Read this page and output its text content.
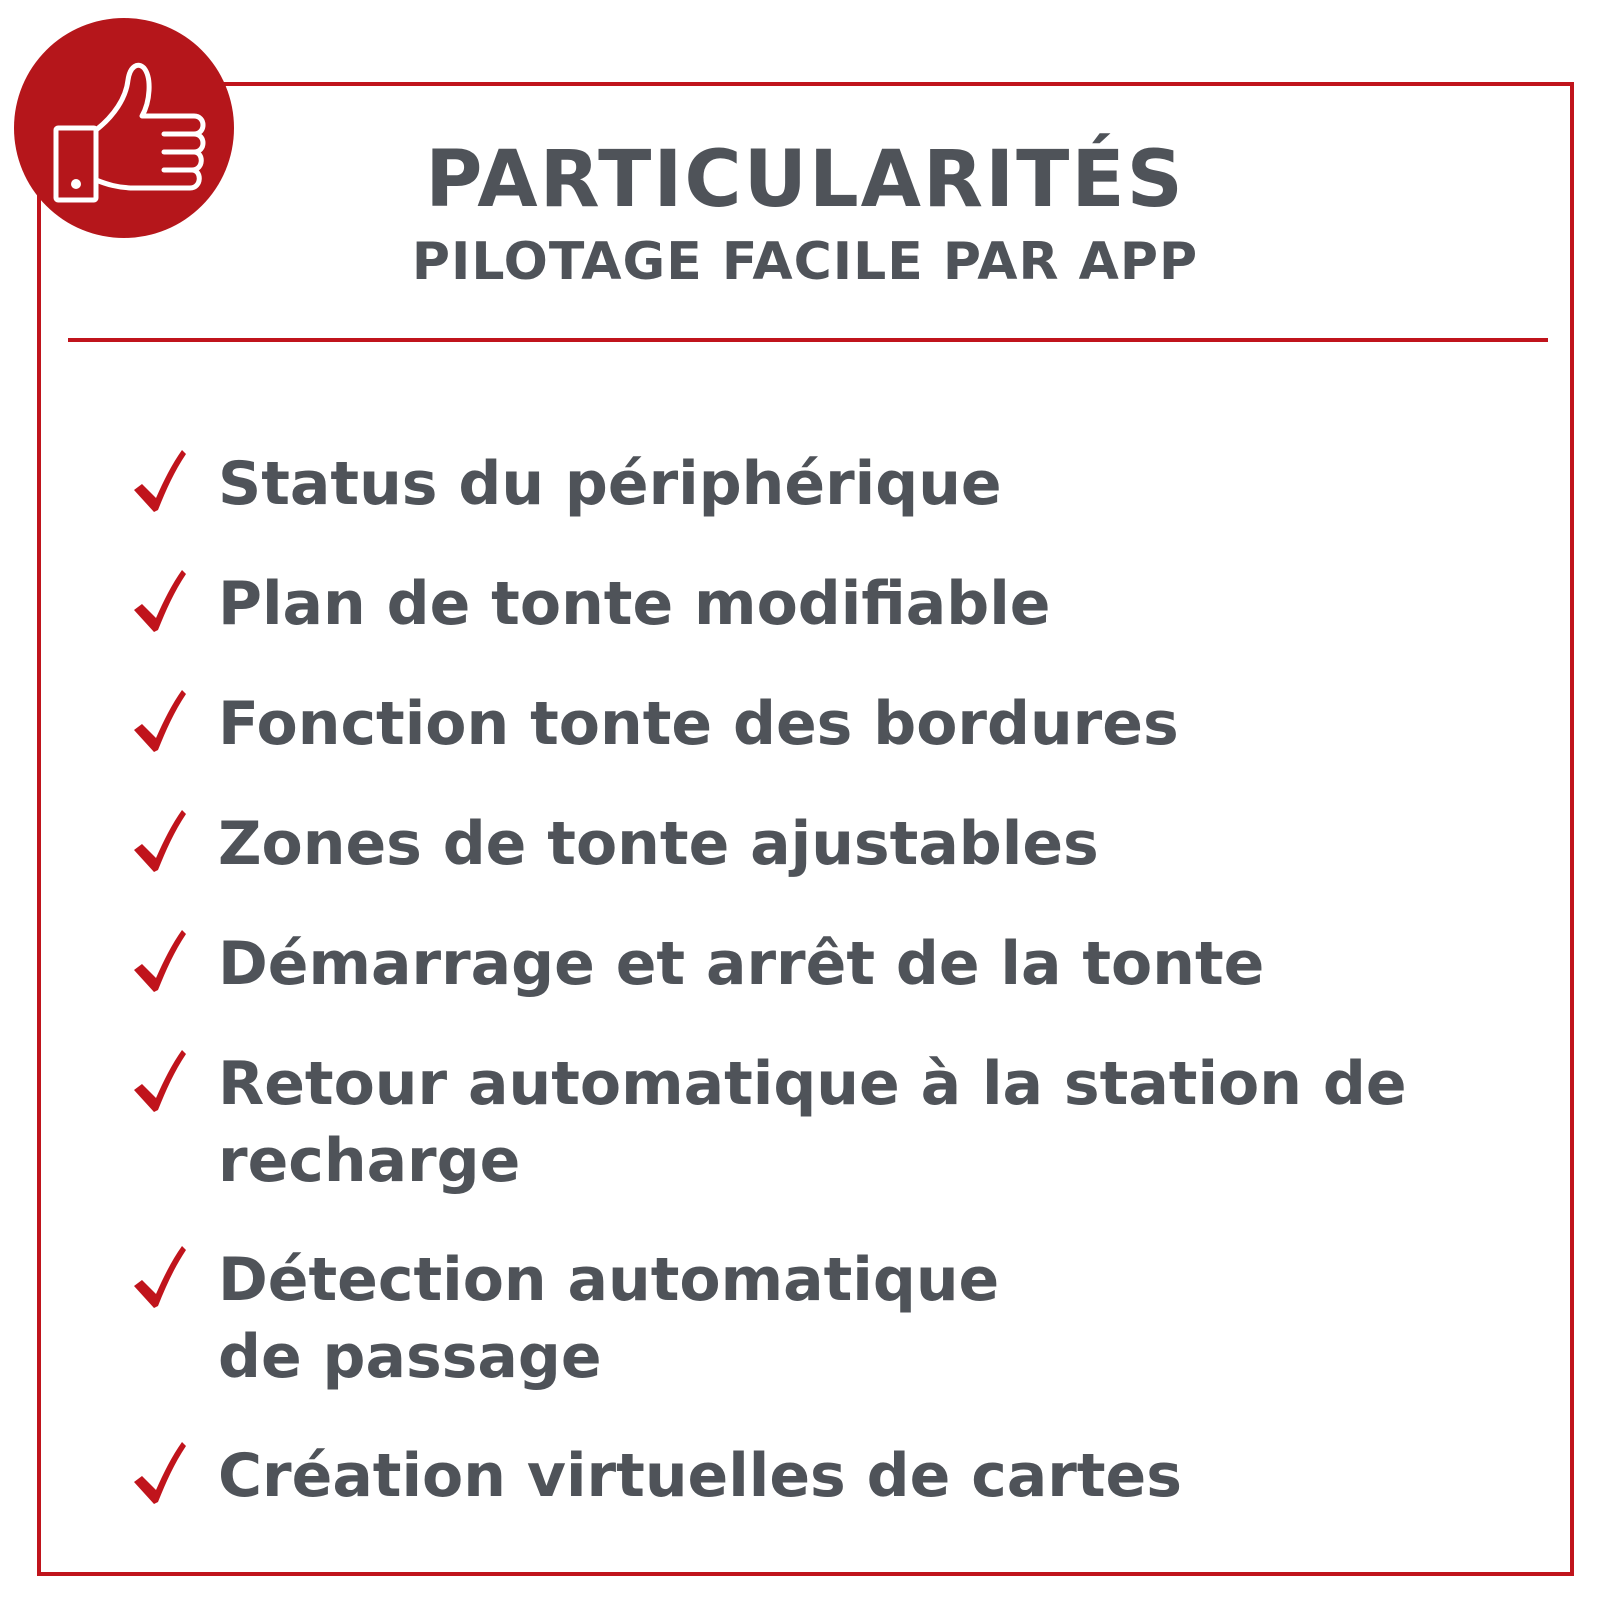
PARTICULARITÉS
PILOTAGE FACILE PAR APP
Status du périphérique
Plan de tonte modifiable
Fonction tonte des bordures
Zones de tonte ajustables
Démarrage et arrêt de la tonte
Retour automatique à la station de
recharge
Détection automatique
de passage
Création virtuelles de cartes
